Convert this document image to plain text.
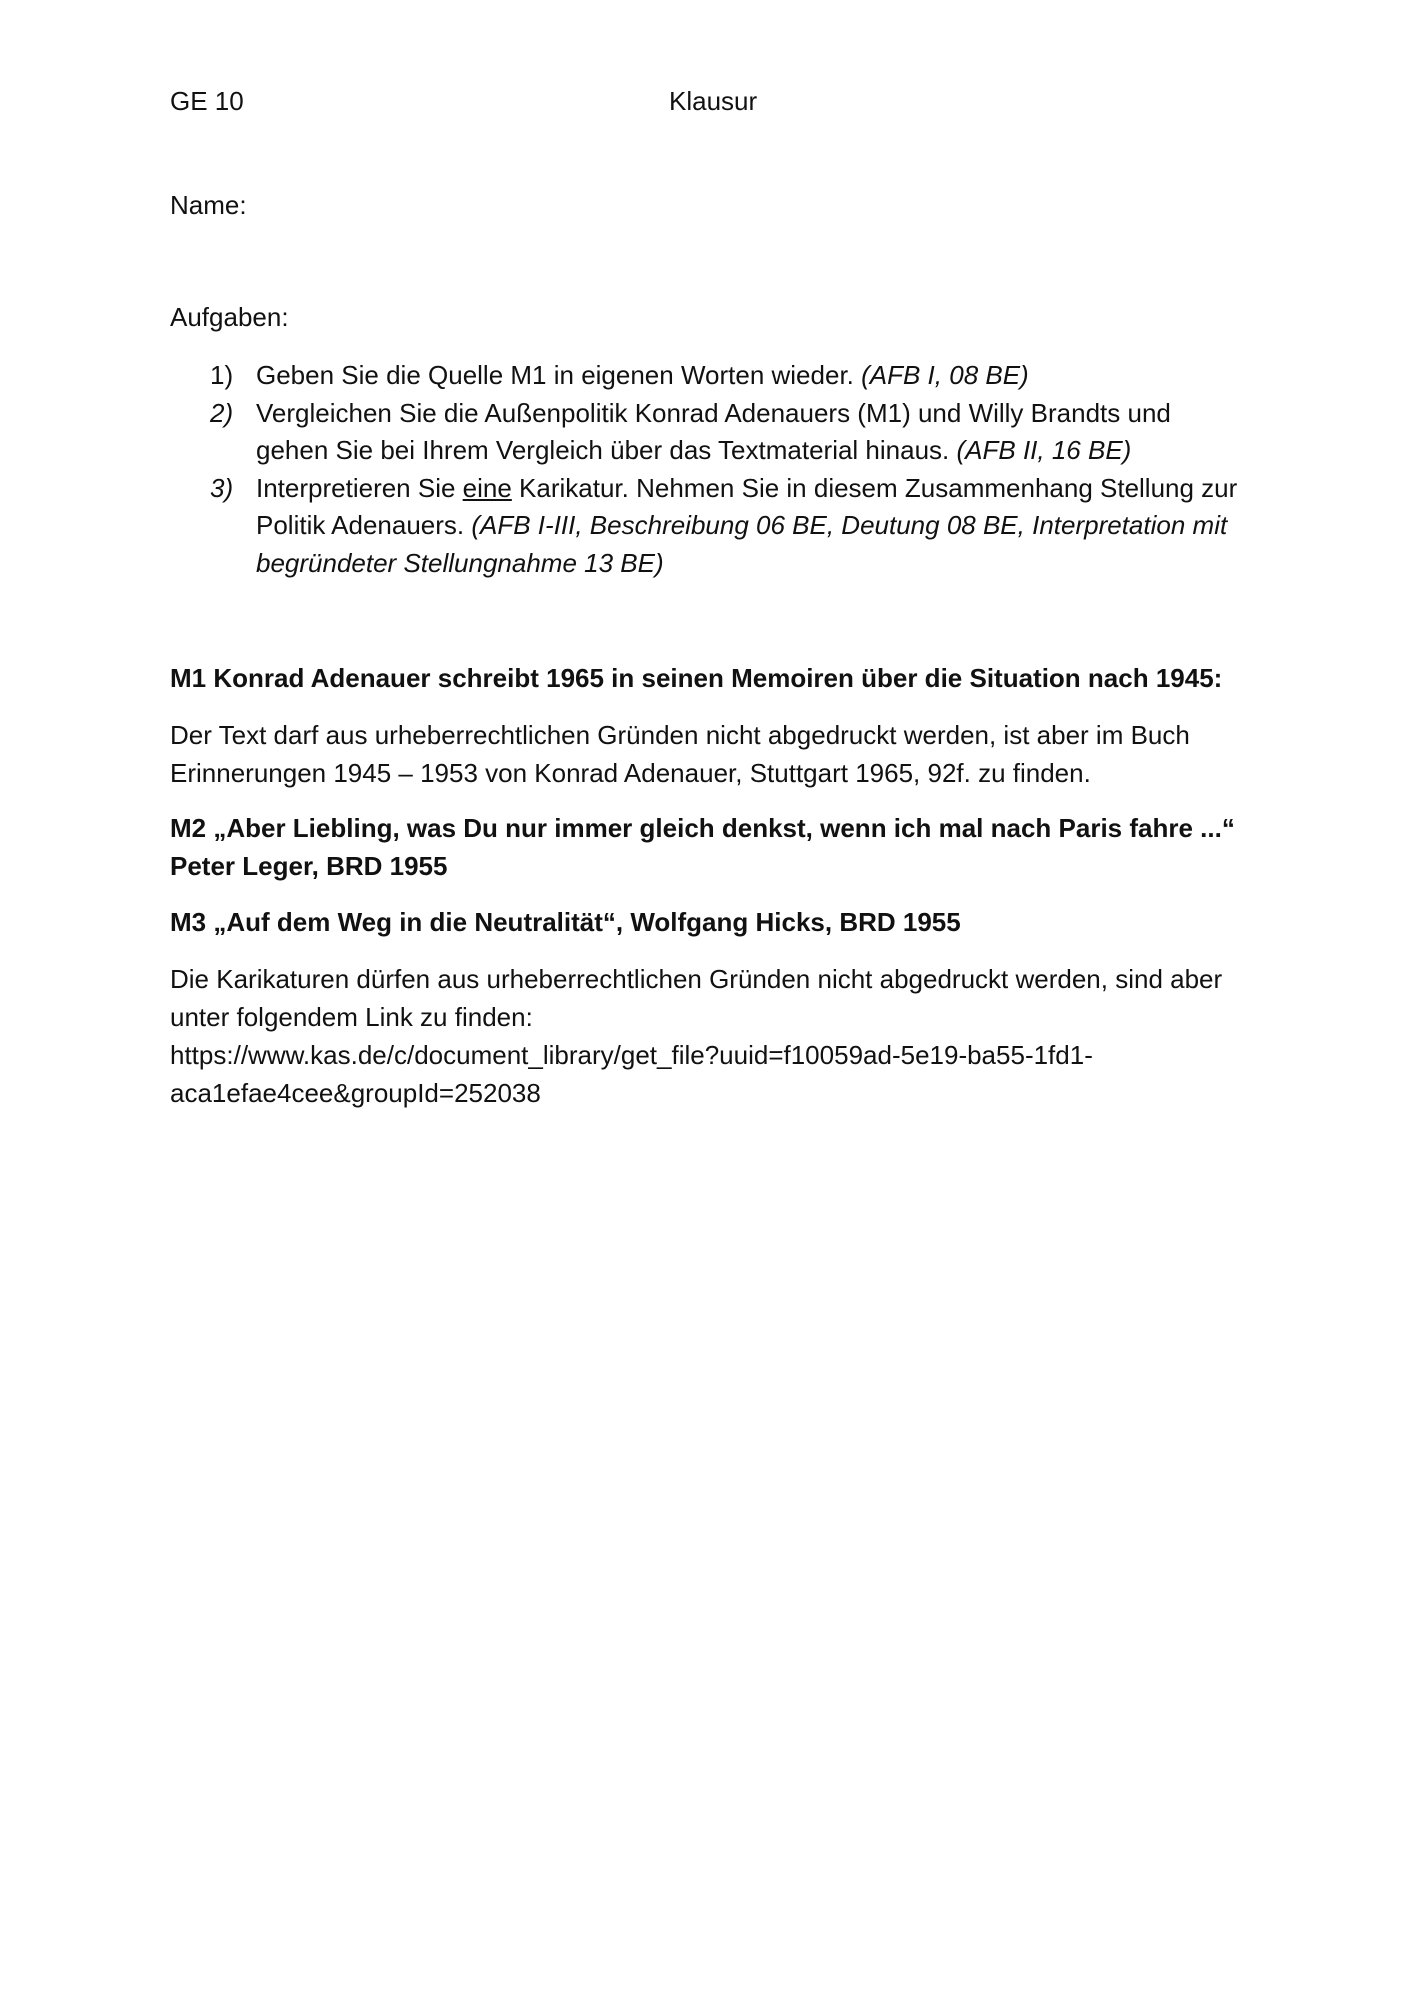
GE 10	Klausur
Name:
Aufgaben:
1) Geben Sie die Quelle M1 in eigenen Worten wieder. (AFB I, 08 BE)
2) Vergleichen Sie die Außenpolitik Konrad Adenauers (M1) und Willy Brandts und gehen Sie bei Ihrem Vergleich über das Textmaterial hinaus. (AFB II, 16 BE)
3) Interpretieren Sie eine Karikatur. Nehmen Sie in diesem Zusammenhang Stellung zur Politik Adenauers. (AFB I-III, Beschreibung 06 BE, Deutung 08 BE, Interpretation mit begründeter Stellungnahme 13 BE)
M1 Konrad Adenauer schreibt 1965 in seinen Memoiren über die Situation nach 1945:
Der Text darf aus urheberrechtlichen Gründen nicht abgedruckt werden, ist aber im Buch Erinnerungen 1945 – 1953 von Konrad Adenauer, Stuttgart 1965, 92f. zu finden.
M2 „Aber Liebling, was Du nur immer gleich denkst, wenn ich mal nach Paris fahre ...“
Peter Leger, BRD 1955
M3 „Auf dem Weg in die Neutralität“, Wolfgang Hicks, BRD 1955
Die Karikaturen dürfen aus urheberrechtlichen Gründen nicht abgedruckt werden, sind aber unter folgendem Link zu finden:
https://www.kas.de/c/document_library/get_file?uuid=f10059ad-5e19-ba55-1fd1-
aca1efae4cee&groupId=252038
